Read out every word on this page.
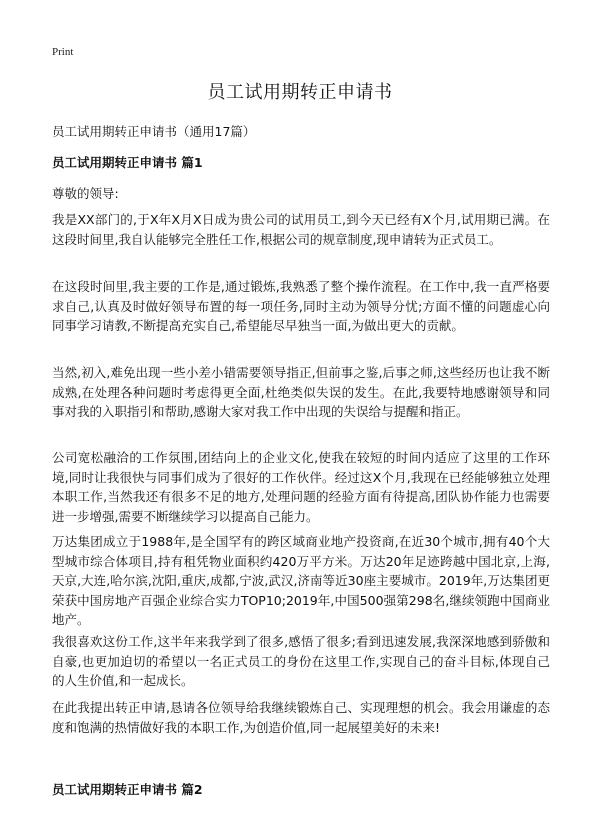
Print
员工试用期转正申请书
员工试用期转正申请书（通用17篇）
员工试用期转正申请书 篇1
尊敬的领导:

我是XX部门的,于X年X月X日成为贵公司的试用员工,到今天已经有X个月,试用期已满。在这段时间里,我自认能够完全胜任工作,根据公司的规章制度,现申请转为正式员工。

在这段时间里,我主要的工作是,通过锻炼,我熟悉了整个操作流程。在工作中,我一直严格要求自己,认真及时做好领导布置的每一项任务,同时主动为领导分忧;方面不懂的问题虚心向同事学习请教,不断提高充实自己,希望能尽早独当一面,为做出更大的贡献。

当然,初入,难免出现一些小差小错需要领导指正,但前事之鉴,后事之师,这些经历也让我不断成熟,在处理各种问题时考虑得更全面,杜绝类似失误的发生。在此,我要特地感谢领导和同事对我的入职指引和帮助,感谢大家对我工作中出现的失误给与提醒和指正。

公司宽松融洽的工作氛围,团结向上的企业文化,使我在较短的时间内适应了这里的工作环境,同时让我很快与同事们成为了很好的工作伙伴。经过这X个月,我现在已经能够独立处理本职工作,当然我还有很多不足的地方,处理问题的经验方面有待提高,团队协作能力也需要进一步增强,需要不断继续学习以提高自己能力。

万达集团成立于1988年,是全国罕有的跨区域商业地产投资商,在近30个城市,拥有40个大型城市综合体项目,持有租凭物业面积约420万平方米。万达20年足迹跨越中国北京,上海,天京,大连,哈尔滨,沈阳,重庆,成都,宁波,武汉,济南等近30座主要城市。2019年,万达集团更荣获中国房地产百强企业综合实力TOP10;2019年,中国500强第298名,继续领跑中国商业地产。

我很喜欢这份工作,这半年来我学到了很多,感悟了很多;看到迅速发展,我深深地感到骄傲和自豪,也更加迫切的希望以一名正式员工的身份在这里工作,实现自己的奋斗目标,体现自己的人生价值,和一起成长。

在此我提出转正申请,恳请各位领导给我继续锻炼自己、实现理想的机会。我会用谦虚的态度和饱满的热情做好我的本职工作,为创造价值,同一起展望美好的未来!

员工试用期转正申请书 篇2
